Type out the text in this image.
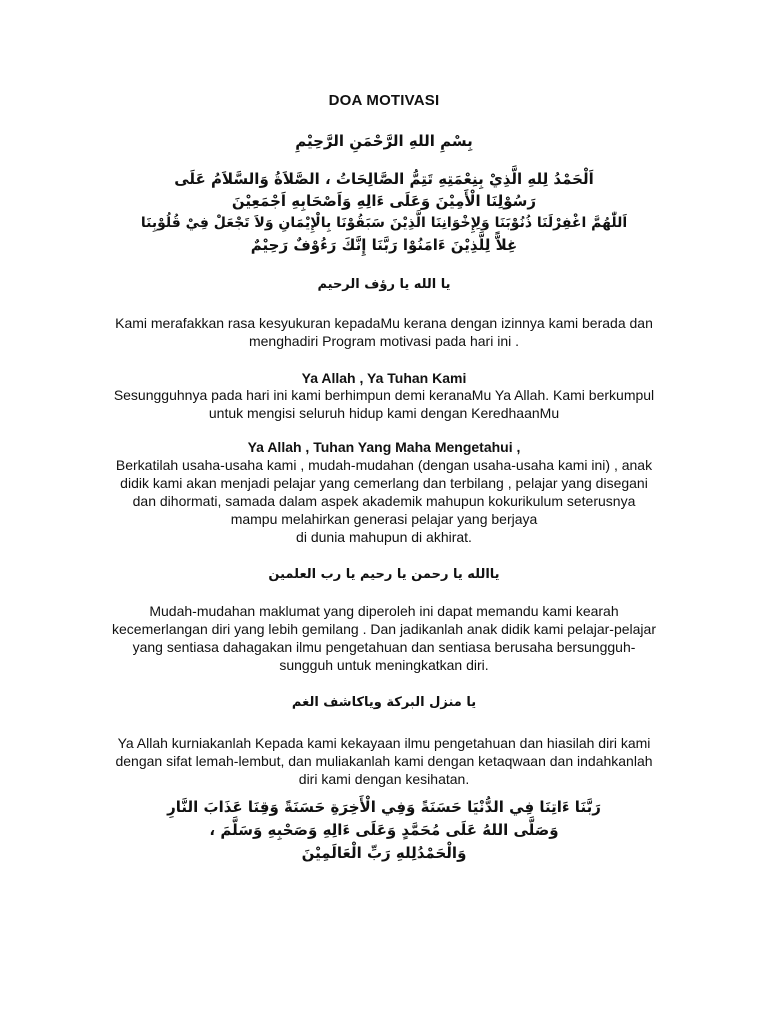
DOA MOTIVASI
بِسْمِ اللهِ الرَّحْمَنِ الرَّحِيْمِ
اَلْحَمْدُ لِلهِ الَّذِيْ بِنِعْمَتِهِ تَتِمُّ الصَّالِحَاتُ ، الصَّلاَةُ وَالسَّلاَمُ عَلَى
رَسُوْلِنَا الْأَمِيْنَ وَعَلَى ءَالِهِ وَاَصْحَابِهِ اَجْمَعِيْنَ
اَللّٰهُمَّ اغْفِرْلَنَا ذُنُوْبَنَا وَلِإِخْوَانِنَا الَّذِيْنَ سَبَقُوْنَا بِالْإِيْمَانِ وَلاَ تَجْعَلْ فِيْ قُلُوْبِنَا
غِلاًّ لِلَّذِيْنَ ءَامَنُوْا رَبَّنَا إِنَّكَ رَءُوْفٌ رَحِيْمٌ
يا الله يا رؤف الرحيم
Kami merafakkan rasa kesyukuran kepadaMu kerana dengan izinnya kami berada dan
menghadiri Program motivasi pada hari ini .
Ya Allah , Ya Tuhan Kami
Sesungguhnya pada hari ini kami berhimpun demi keranaMu Ya Allah. Kami berkumpul
untuk mengisi seluruh hidup kami dengan KeredhaanMu
Ya Allah , Tuhan Yang Maha Mengetahui ,
Berkatilah usaha-usaha kami , mudah-mudahan (dengan usaha-usaha kami ini) , anak
didik kami akan menjadi pelajar yang cemerlang dan terbilang , pelajar yang disegani
dan dihormati, samada dalam aspek akademik mahupun kokurikulum seterusnya
mampu melahirkan generasi pelajar yang berjaya
di dunia mahupun di akhirat.
ياالله يا رحمن يا رحيم يا رب العلمين
Mudah-mudahan maklumat yang diperoleh ini dapat memandu kami kearah
kecemerlangan diri yang lebih gemilang . Dan jadikanlah anak didik kami pelajar-pelajar
yang sentiasa dahagakan ilmu pengetahuan dan sentiasa berusaha bersungguh-
sungguh untuk meningkatkan diri.
يا منزل البركة وياكاشف الغم
Ya Allah kurniakanlah Kepada kami kekayaan ilmu pengetahuan dan hiasilah diri kami
dengan sifat lemah-lembut, dan muliakanlah kami dengan ketaqwaan dan indahkanlah
diri kami dengan kesihatan.
رَبَّنَا ءَاتِنَا فِي الدُّنْيَا حَسَنَةً وَفِي الْأَخِرَةِ حَسَنَةً وَقِنَا عَذَابَ النَّارِ
وَصَلَّى اللهُ عَلَى مُحَمَّدٍ وَعَلَى ءَالِهِ وَصَحْبِهِ وَسَلَّمَ ،
وَالْحَمْدُلِلهِ رَبِّ الْعَالَمِيْنَ
